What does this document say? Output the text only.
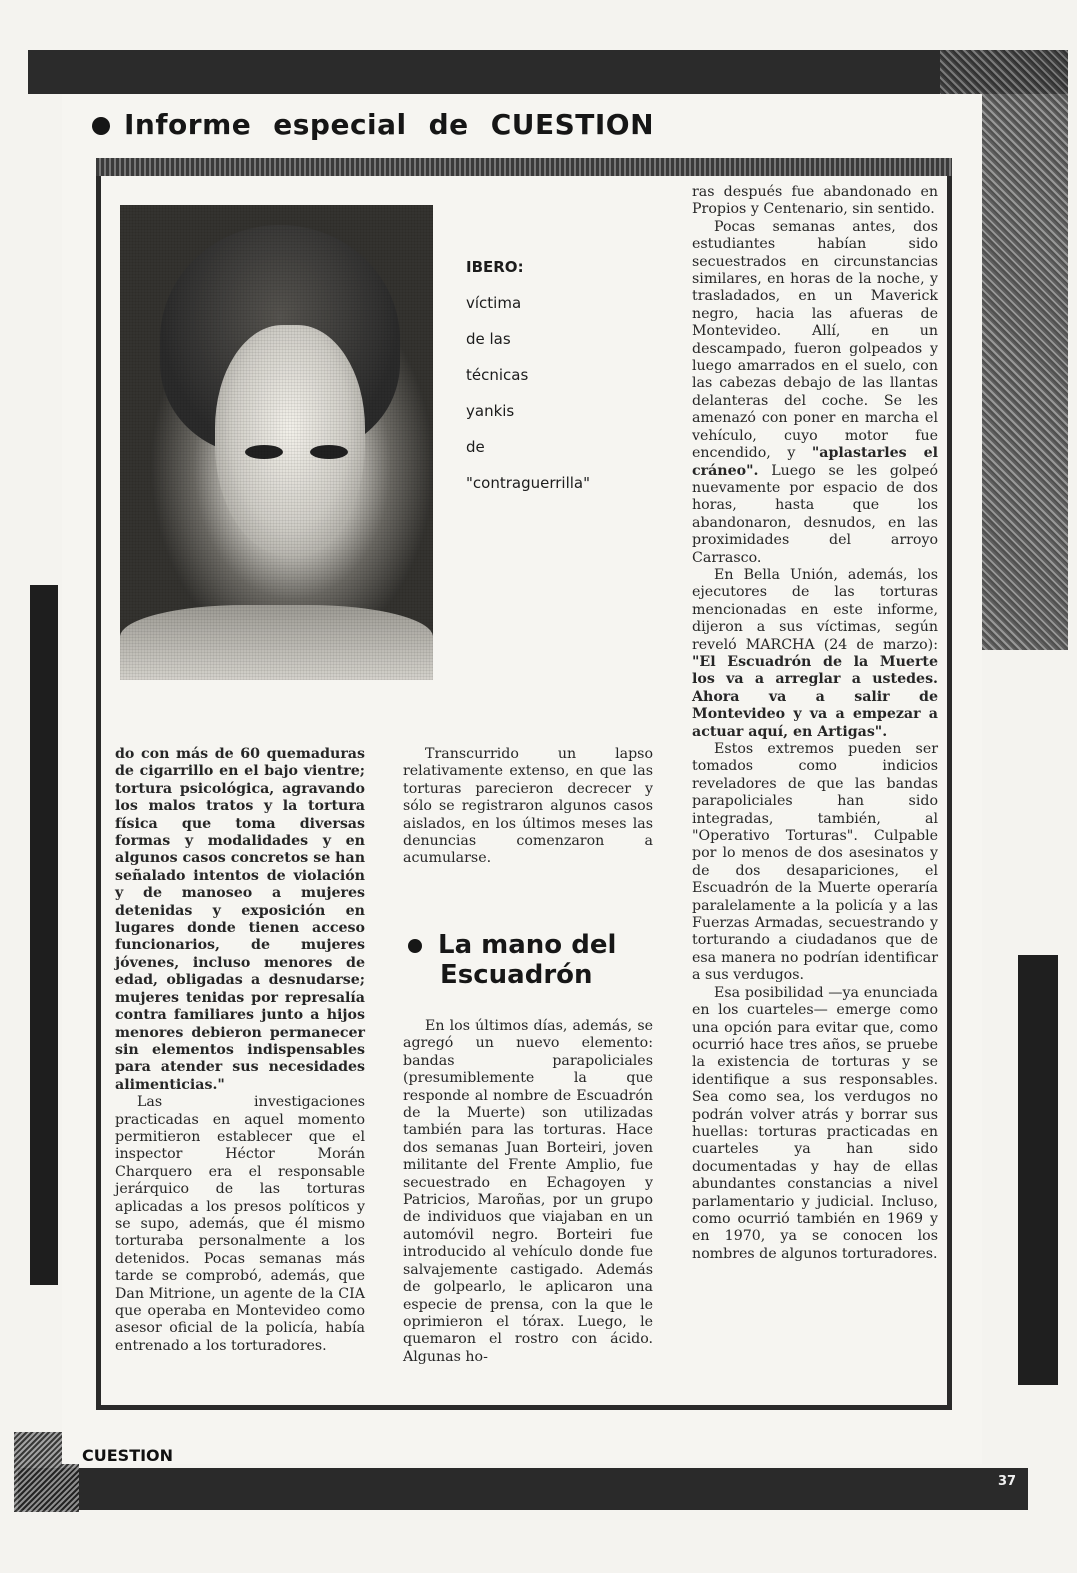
Informe especial de CUESTION
IBERO:
víctima
de las
técnicas
yankis
de
"contraguerrilla"

do con más de 60 quemaduras de cigarrillo en el bajo vientre; tortura psicológica, agravando los malos tratos y la tortura física que toma diversas formas y modalidades y en algunos casos concretos se han señalado intentos de violación y de manoseo a mujeres detenidas y exposición en lugares donde tienen acceso funcionarios, de mujeres jóvenes, incluso menores de edad, obligadas a desnudarse; mujeres tenidas por represalía contra familiares junto a hijos menores debieron permanecer sin elementos indispensables para atender sus necesidades alimenticias."

Las investigaciones practicadas en aquel momento permitieron establecer que el inspector Héctor Morán Charquero era el responsable jerárquico de las torturas aplicadas a los presos políticos y se supo, además, que él mismo torturaba personalmente a los detenidos. Pocas semanas más tarde se comprobó, además, que Dan Mitrione, un agente de la CIA que operaba en Montevideo como asesor oficial de la policía, había entrenado a los torturadores.

Transcurrido un lapso relativamente extenso, en que las torturas parecieron decrecer y sólo se registraron algunos casos aislados, en los últimos meses las denuncias comenzaron a acumularse.

La mano del
Escuadrón

En los últimos días, además, se agregó un nuevo elemento: bandas parapoliciales (presumiblemente la que responde al nombre de Escuadrón de la Muerte) son utilizadas también para las torturas. Hace dos semanas Juan Borteiri, joven militante del Frente Amplio, fue secuestrado en Echagoyen y Patricios, Maroñas, por un grupo de individuos que viajaban en un automóvil negro. Borteiri fue introducido al vehículo donde fue salvajemente castigado. Además de golpearlo, le aplicaron una especie de prensa, con la que le oprimieron el tórax. Luego, le quemaron el rostro con ácido. Algunas ho-

ras después fue abandonado en Propios y Centenario, sin sentido.

Pocas semanas antes, dos estudiantes habían sido secuestrados en circunstancias similares, en horas de la noche, y trasladados, en un Maverick negro, hacia las afueras de Montevideo. Allí, en un descampado, fueron golpeados y luego amarrados en el suelo, con las cabezas debajo de las llantas delanteras del coche. Se les amenazó con poner en marcha el vehículo, cuyo motor fue encendido, y "aplastarles el cráneo". Luego se les golpeó nuevamente por espacio de dos horas, hasta que los abandonaron, desnudos, en las proximidades del arroyo Carrasco.

En Bella Unión, además, los ejecutores de las torturas mencionadas en este informe, dijeron a sus víctimas, según reveló MARCHA (24 de marzo): "El Escuadrón de la Muerte los va a arreglar a ustedes. Ahora va a salir de Montevideo y va a empezar a actuar aquí, en Artigas".

Estos extremos pueden ser tomados como indicios reveladores de que las bandas parapoliciales han sido integradas, también, al "Operativo Torturas". Culpable por lo menos de dos asesinatos y de dos desapariciones, el Escuadrón de la Muerte operaría paralelamente a la policía y a las Fuerzas Armadas, secuestrando y torturando a ciudadanos que de esa manera no podrían identificar a sus verdugos.

Esa posibilidad —ya enunciada en los cuarteles— emerge como una opción para evitar que, como ocurrió hace tres años, se pruebe la existencia de torturas y se identifique a sus responsables. Sea como sea, los verdugos no podrán volver atrás y borrar sus huellas: torturas practicadas en cuarteles ya han sido documentadas y hay de ellas abundantes constancias a nivel parlamentario y judicial. Incluso, como ocurrió también en 1969 y en 1970, ya se conocen los nombres de algunos torturadores.

CUESTION
37
